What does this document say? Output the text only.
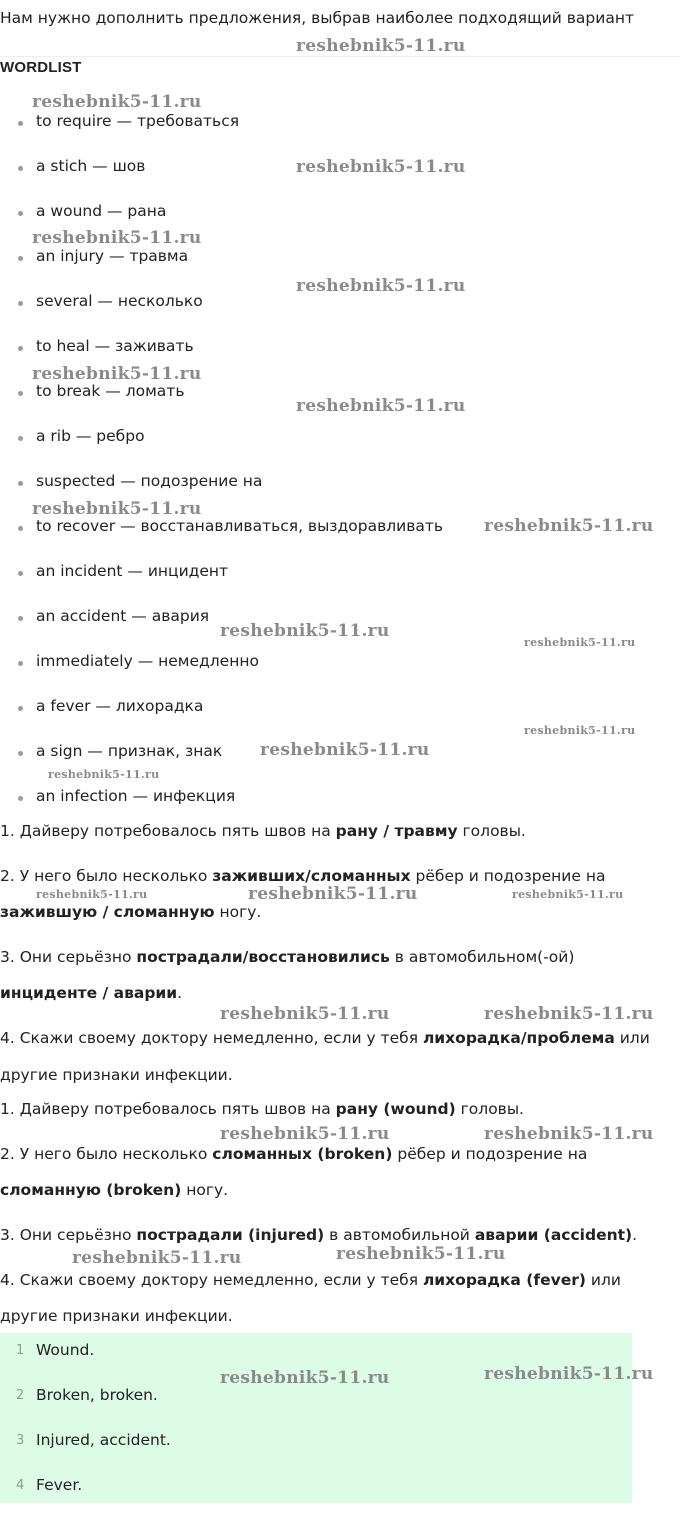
Нам нужно дополнить предложения, выбрав наиболее подходящий вариант
WORDLIST
to require — требоваться
a stich — шов
a wound — рана
an injury — травма
several — несколько
to heal — заживать
to break — ломать
a rib — ребро
suspected — подозрение на
to recover — восстанавливаться, выздоравливать
an incident — инцидент
an accident — авария
immediately — немедленно
a fever — лихорадка
a sign — признак, знак
an infection — инфекция
1. Дайверу потребовалось пять швов на рану / травму головы.
2. У него было несколько заживших/сломанных рёбер и подозрение на
зажившую / сломанную ногу.
3. Они серьёзно пострадали/восстановились в автомобильном(-ой)
инциденте / аварии.
4. Скажи своему доктору немедленно, если у тебя лихорадка/проблема или
другие признаки инфекции.
1. Дайверу потребовалось пять швов на рану (wound) головы.
2. У него было несколько сломанных (broken) рёбер и подозрение на
сломанную (broken) ногу.
3. Они серьёзно пострадали (injured) в автомобильной аварии (accident).
4. Скажи своему доктору немедленно, если у тебя лихорадка (fever) или
другие признаки инфекции.
1 Wound.
2 Broken, broken.
3 Injured, accident.
4 Fever.
reshebnik5-11.ru
reshebnik5-11.ru
reshebnik5-11.ru
reshebnik5-11.ru
reshebnik5-11.ru
reshebnik5-11.ru
reshebnik5-11.ru
reshebnik5-11.ru
reshebnik5-11.ru
reshebnik5-11.ru
reshebnik5-11.ru
reshebnik5-11.ru
reshebnik5-11.ru
reshebnik5-11.ru
reshebnik5-11.ru	reshebnik5-11.ru	reshebnik5-11.ru
reshebnik5-11.ru	reshebnik5-11.ru
reshebnik5-11.ru	reshebnik5-11.ru
reshebnik5-11.ru	reshebnik5-11.ru
reshebnik5-11.ru	reshebnik5-11.ru
